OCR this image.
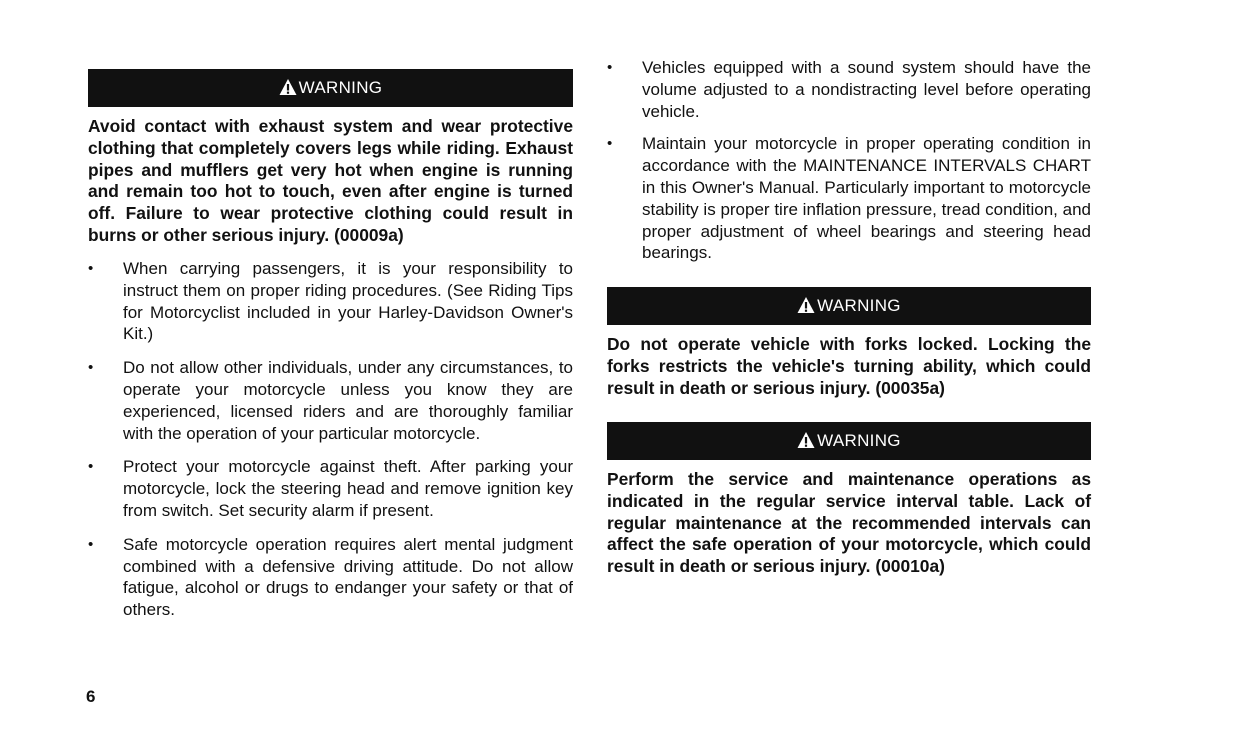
WARNING

Avoid contact with exhaust system and wear protective clothing that completely covers legs while riding. Exhaust pipes and mufflers get very hot when engine is running and remain too hot to touch, even after engine is turned off. Failure to wear protective clothing could result in burns or other serious injury. (00009a)

• When carrying passengers, it is your responsibility to instruct them on proper riding procedures. (See Riding Tips for Motorcyclist included in your Harley-Davidson Owner's Kit.)
• Do not allow other individuals, under any circumstances, to operate your motorcycle unless you know they are experienced, licensed riders and are thoroughly familiar with the operation of your particular motorcycle.
• Protect your motorcycle against theft. After parking your motorcycle, lock the steering head and remove ignition key from switch. Set security alarm if present.
• Safe motorcycle operation requires alert mental judgment combined with a defensive driving attitude. Do not allow fatigue, alcohol or drugs to endanger your safety or that of others.
• Vehicles equipped with a sound system should have the volume adjusted to a nondistracting level before operating vehicle.
• Maintain your motorcycle in proper operating condition in accordance with the MAINTENANCE INTERVALS CHART in this Owner's Manual. Particularly important to motorcycle stability is proper tire inflation pressure, tread condition, and proper adjustment of wheel bearings and steering head bearings.
WARNING

Do not operate vehicle with forks locked. Locking the forks restricts the vehicle's turning ability, which could result in death or serious injury. (00035a)

WARNING

Perform the service and maintenance operations as indicated in the regular service interval table. Lack of regular maintenance at the recommended intervals can affect the safe operation of your motorcycle, which could result in death or serious injury. (00010a)

6
